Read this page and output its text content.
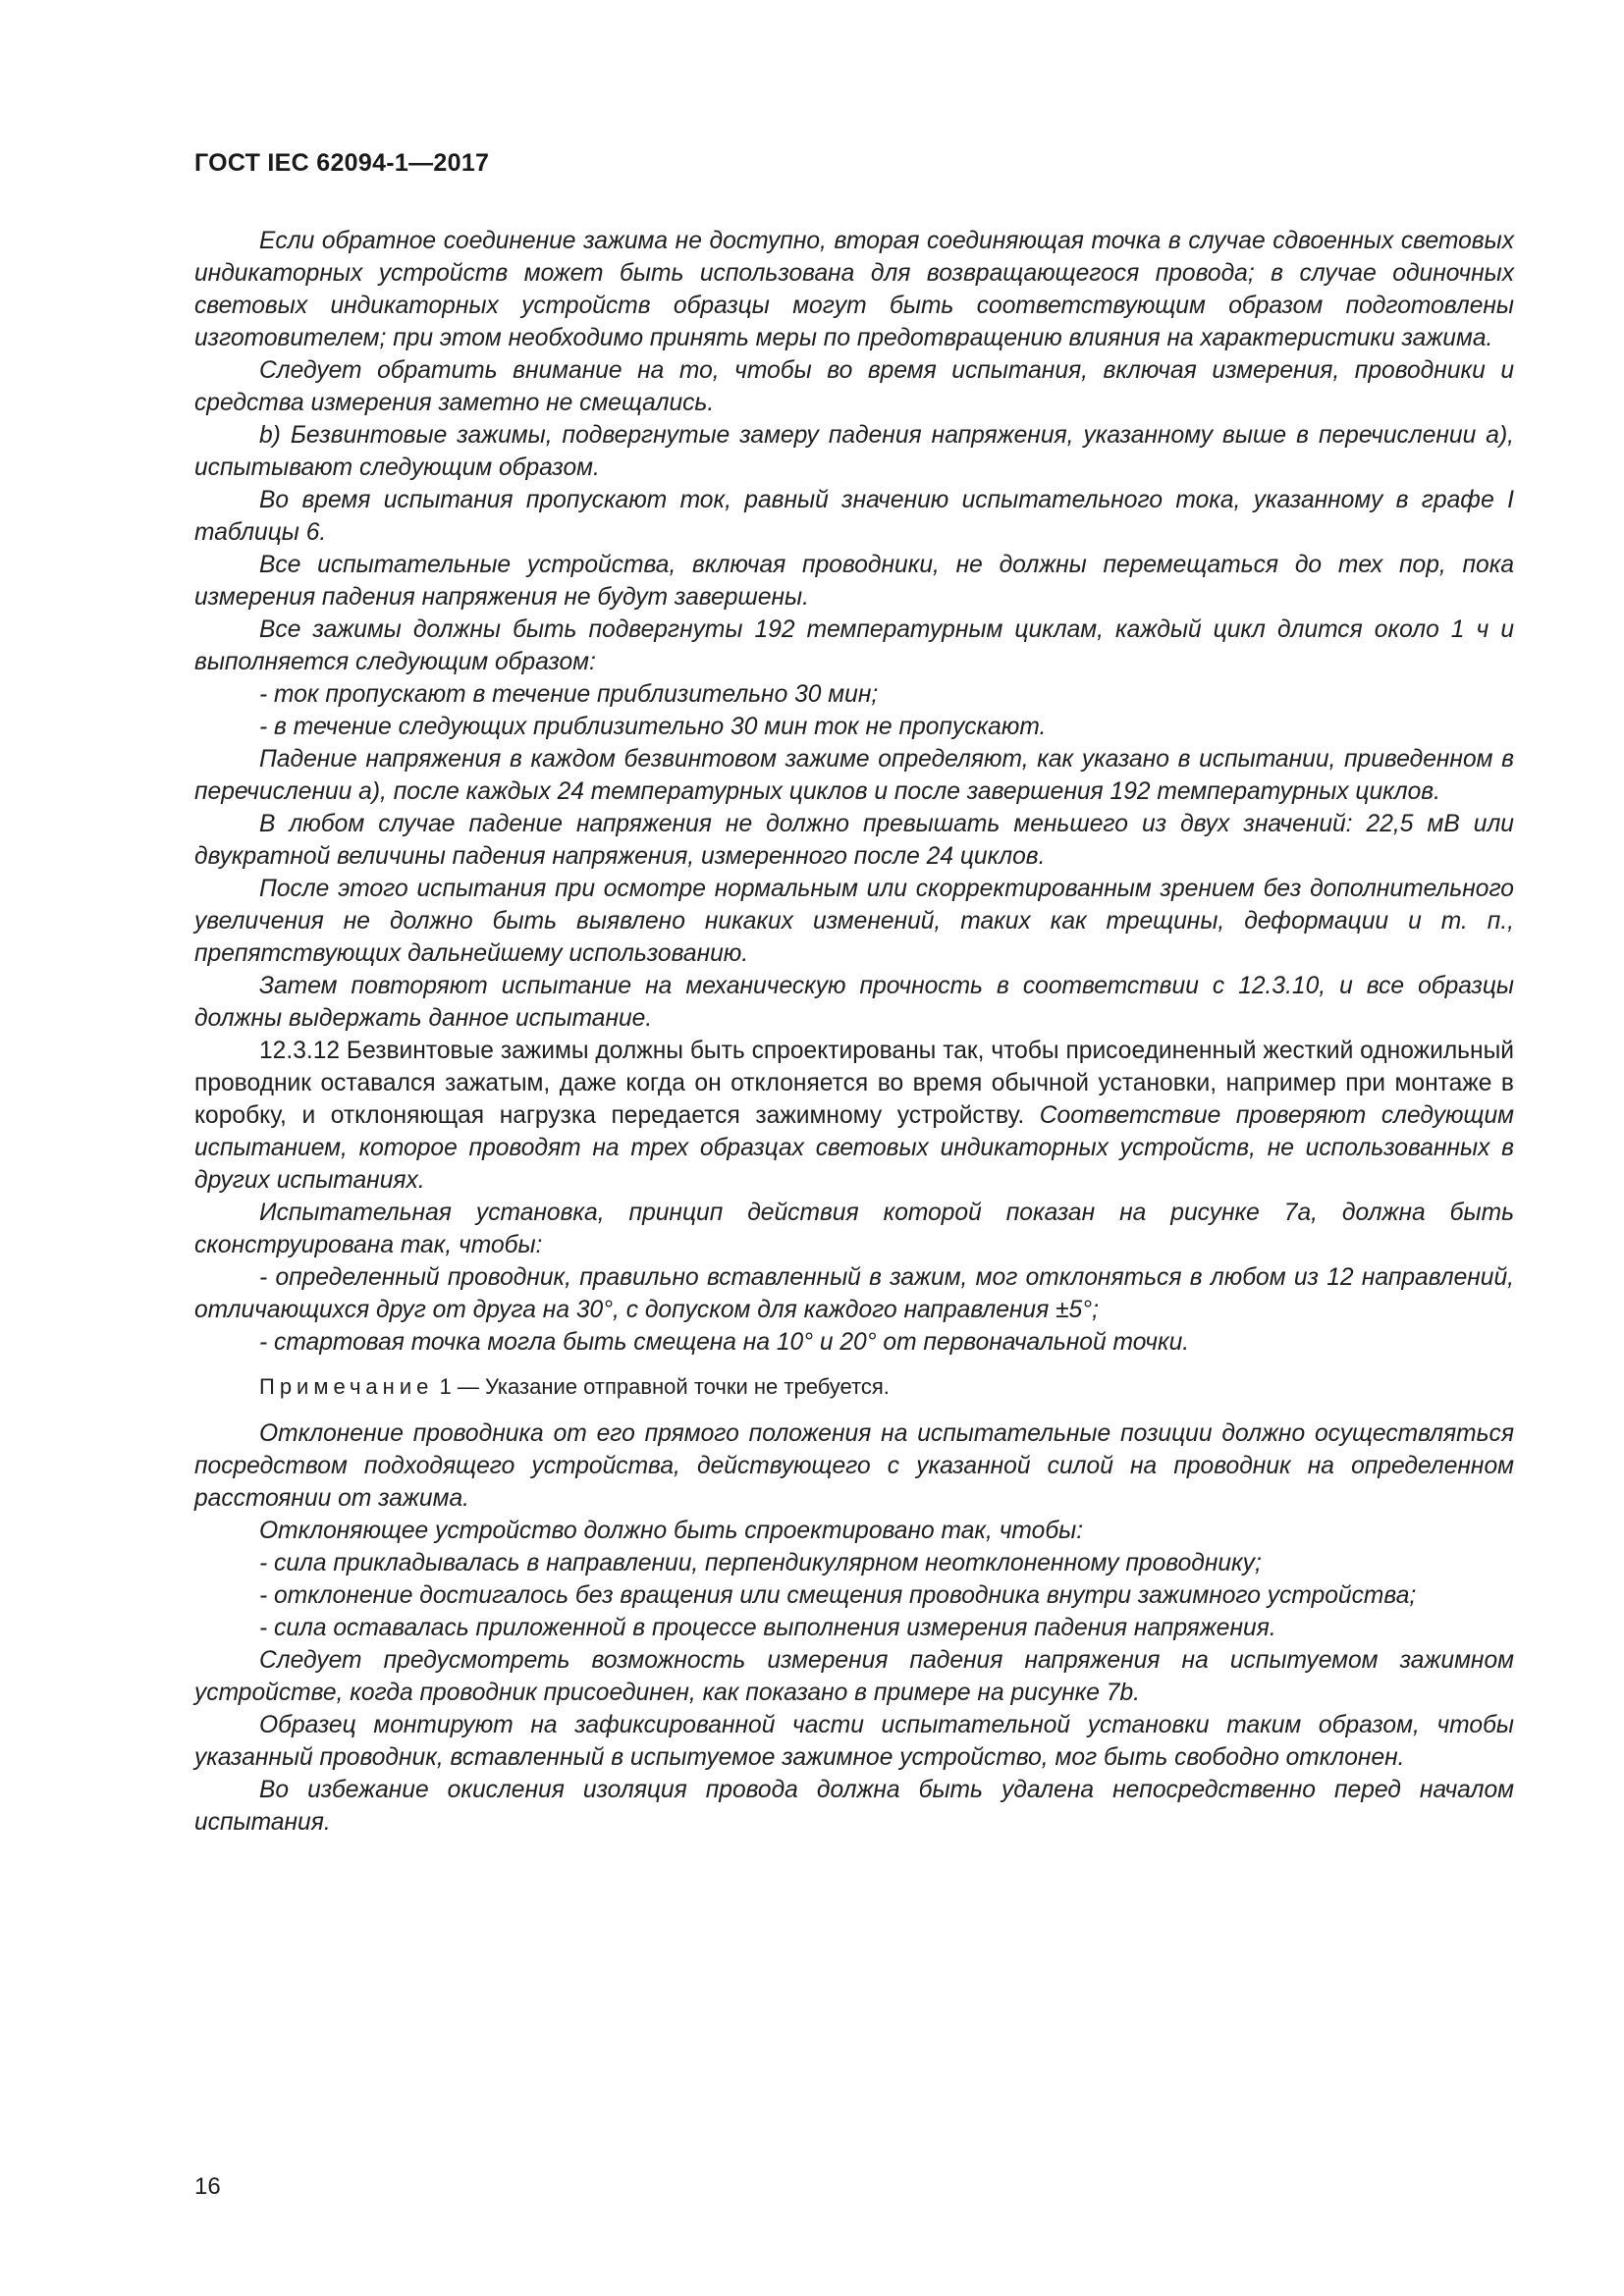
ГОСТ IEC 62094-1—2017

Если обратное соединение зажима не доступно, вторая соединяющая точка в случае сдвоенных световых индикаторных устройств может быть использована для возвращающегося провода; в случае одиночных световых индикаторных устройств образцы могут быть соответствующим образом подготовлены изготовителем; при этом необходимо принять меры по предотвращению влияния на характеристики зажима.

Следует обратить внимание на то, чтобы во время испытания, включая измерения, проводники и средства измерения заметно не смещались.

b) Безвинтовые зажимы, подвергнутые замеру падения напряжения, указанному выше в перечислении а), испытывают следующим образом.

Во время испытания пропускают ток, равный значению испытательного тока, указанному в графе I таблицы 6.

Все испытательные устройства, включая проводники, не должны перемещаться до тех пор, пока измерения падения напряжения не будут завершены.

Все зажимы должны быть подвергнуты 192 температурным циклам, каждый цикл длится около 1 ч и выполняется следующим образом:

- ток пропускают в течение приблизительно 30 мин;

- в течение следующих приблизительно 30 мин ток не пропускают.

Падение напряжения в каждом безвинтовом зажиме определяют, как указано в испытании, приведенном в перечислении а), после каждых 24 температурных циклов и после завершения 192 температурных циклов.

В любом случае падение напряжения не должно превышать меньшего из двух значений: 22,5 мВ или двукратной величины падения напряжения, измеренного после 24 циклов.

После этого испытания при осмотре нормальным или скорректированным зрением без дополнительного увеличения не должно быть выявлено никаких изменений, таких как трещины, деформации и т. п., препятствующих дальнейшему использованию.

Затем повторяют испытание на механическую прочность в соответствии с 12.3.10, и все образцы должны выдержать данное испытание.

12.3.12 Безвинтовые зажимы должны быть спроектированы так, чтобы присоединенный жесткий одножильный проводник оставался зажатым, даже когда он отклоняется во время обычной установки, например при монтаже в коробку, и отклоняющая нагрузка передается зажимному устройству. Соответствие проверяют следующим испытанием, которое проводят на трех образцах световых индикаторных устройств, не использованных в других испытаниях.

Испытательная установка, принцип действия которой показан на рисунке 7а, должна быть сконструирована так, чтобы:

- определенный проводник, правильно вставленный в зажим, мог отклоняться в любом из 12 направлений, отличающихся друг от друга на 30°, с допуском для каждого направления ±5°;

- стартовая точка могла быть смещена на 10° и 20° от первоначальной точки.

Примечание 1 — Указание отправной точки не требуется.

Отклонение проводника от его прямого положения на испытательные позиции должно осуществляться посредством подходящего устройства, действующего с указанной силой на проводник на определенном расстоянии от зажима.

Отклоняющее устройство должно быть спроектировано так, чтобы:

- сила прикладывалась в направлении, перпендикулярном неотклоненному проводнику;

- отклонение достигалось без вращения или смещения проводника внутри зажимного устройства;

- сила оставалась приложенной в процессе выполнения измерения падения напряжения.

Следует предусмотреть возможность измерения падения напряжения на испытуемом зажимном устройстве, когда проводник присоединен, как показано в примере на рисунке 7b.

Образец монтируют на зафиксированной части испытательной установки таким образом, чтобы указанный проводник, вставленный в испытуемое зажимное устройство, мог быть свободно отклонен.

Во избежание окисления изоляция провода должна быть удалена непосредственно перед началом испытания.

16
